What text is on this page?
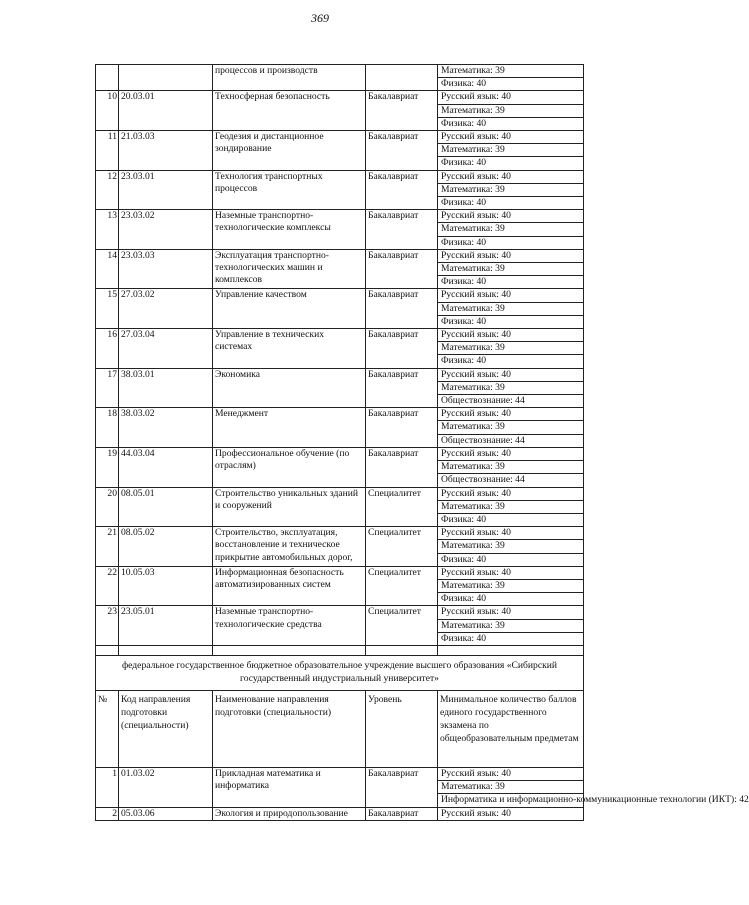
369
		процессов и производств		Математика: 39
				Физика: 40
10	20.03.01	Техносферная безопасность	Бакалавриат	Русский язык: 40
				Математика: 39
				Физика: 40
11	21.03.03	Геодезия и дистанционное зондирование	Бакалавриат	Русский язык: 40
				Математика: 39
				Физика: 40
12	23.03.01	Технология транспортных процессов	Бакалавриат	Русский язык: 40
				Математика: 39
				Физика: 40
13	23.03.02	Наземные транспортно-технологические комплексы	Бакалавриат	Русский язык: 40
				Математика: 39
				Физика: 40
14	23.03.03	Эксплуатация транспортно-технологических машин и комплексов	Бакалавриат	Русский язык: 40
				Математика: 39
				Физика: 40
15	27.03.02	Управление качеством	Бакалавриат	Русский язык: 40
				Математика: 39
				Физика: 40
16	27.03.04	Управление в технических системах	Бакалавриат	Русский язык: 40
				Математика: 39
				Физика: 40
17	38.03.01	Экономика	Бакалавриат	Русский язык: 40
				Математика: 39
				Обществознание: 44
18	38.03.02	Менеджмент	Бакалавриат	Русский язык: 40
				Математика: 39
				Обществознание: 44
19	44.03.04	Профессиональное обучение (по отраслям)	Бакалавриат	Русский язык: 40
				Математика: 39
				Обществознание: 44
20	08.05.01	Строительство уникальных зданий и сооружений	Специалитет	Русский язык: 40
				Математика: 39
				Физика: 40
21	08.05.02	Строительство, эксплуатация, восстановление и техническое прикрытие автомобильных дорог,	Специалитет	Русский язык: 40
				Математика: 39
				Физика: 40
22	10.05.03	Информационная безопасность автоматизированных систем	Специалитет	Русский язык: 40
				Математика: 39
				Физика: 40
23	23.05.01	Наземные транспортно-технологические средства	Специалитет	Русский язык: 40
				Математика: 39
				Физика: 40

федеральное государственное бюджетное образовательное учреждение высшего образования «Сибирский государственный индустриальный университет»				
№	Код направления подготовки (специальности)	Наименование направления подготовки (специальности)	Уровень	Минимальное количество баллов единого государственного экзамена по общеобразовательным предметам
1	01.03.02	Прикладная математика и информатика	Бакалавриат	Русский язык: 40
				Математика: 39
				Информатика и информационно-коммуникационные технологии (ИКТ): 42
2	05.03.06	Экология и природопользование	Бакалавриат	Русский язык: 40
